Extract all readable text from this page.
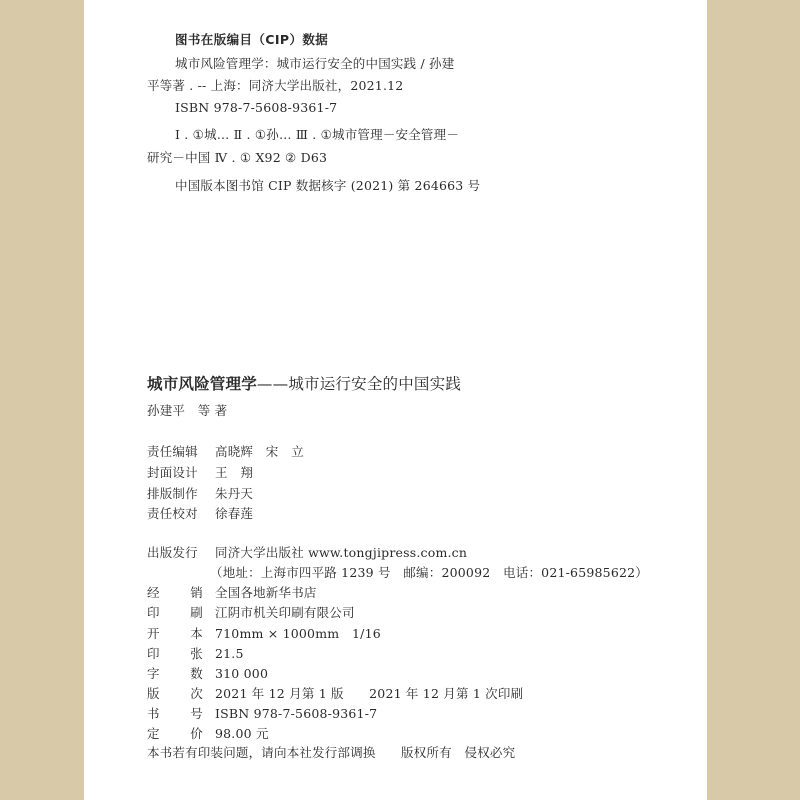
图书在版编目（CIP）数据
城市风险管理学：城市运行安全的中国实践 / 孙建
平等著 . -- 上海：同济大学出版社，2021.12
ISBN 978-7-5608-9361-7
Ⅰ . ①城… Ⅱ . ①孙… Ⅲ . ①城市管理－安全管理－
研究－中国 Ⅳ . ① X92 ② D63
中国版本图书馆 CIP 数据核字 (2021) 第 264663 号
城市风险管理学——城市运行安全的中国实践
孙建平　等 著
责任编辑 高晓辉　宋　立
封面设计 王　翔
排版制作 朱丹天
责任校对 徐春莲
出版发行 同济大学出版社 www.tongjipress.com.cn
（地址：上海市四平路 1239 号　邮编：200092　电话：021-65985622）
经 销 全国各地新华书店
印 刷 江阴市机关印刷有限公司
开 本 710mm × 1000mm　1/16
印 张 21.5
字 数 310 000
版 次 2021 年 12 月第 1 版　　2021 年 12 月第 1 次印刷
书 号 ISBN 978-7-5608-9361-7
定 价 98.00 元
本书若有印装问题，请向本社发行部调换　　版权所有　侵权必究
